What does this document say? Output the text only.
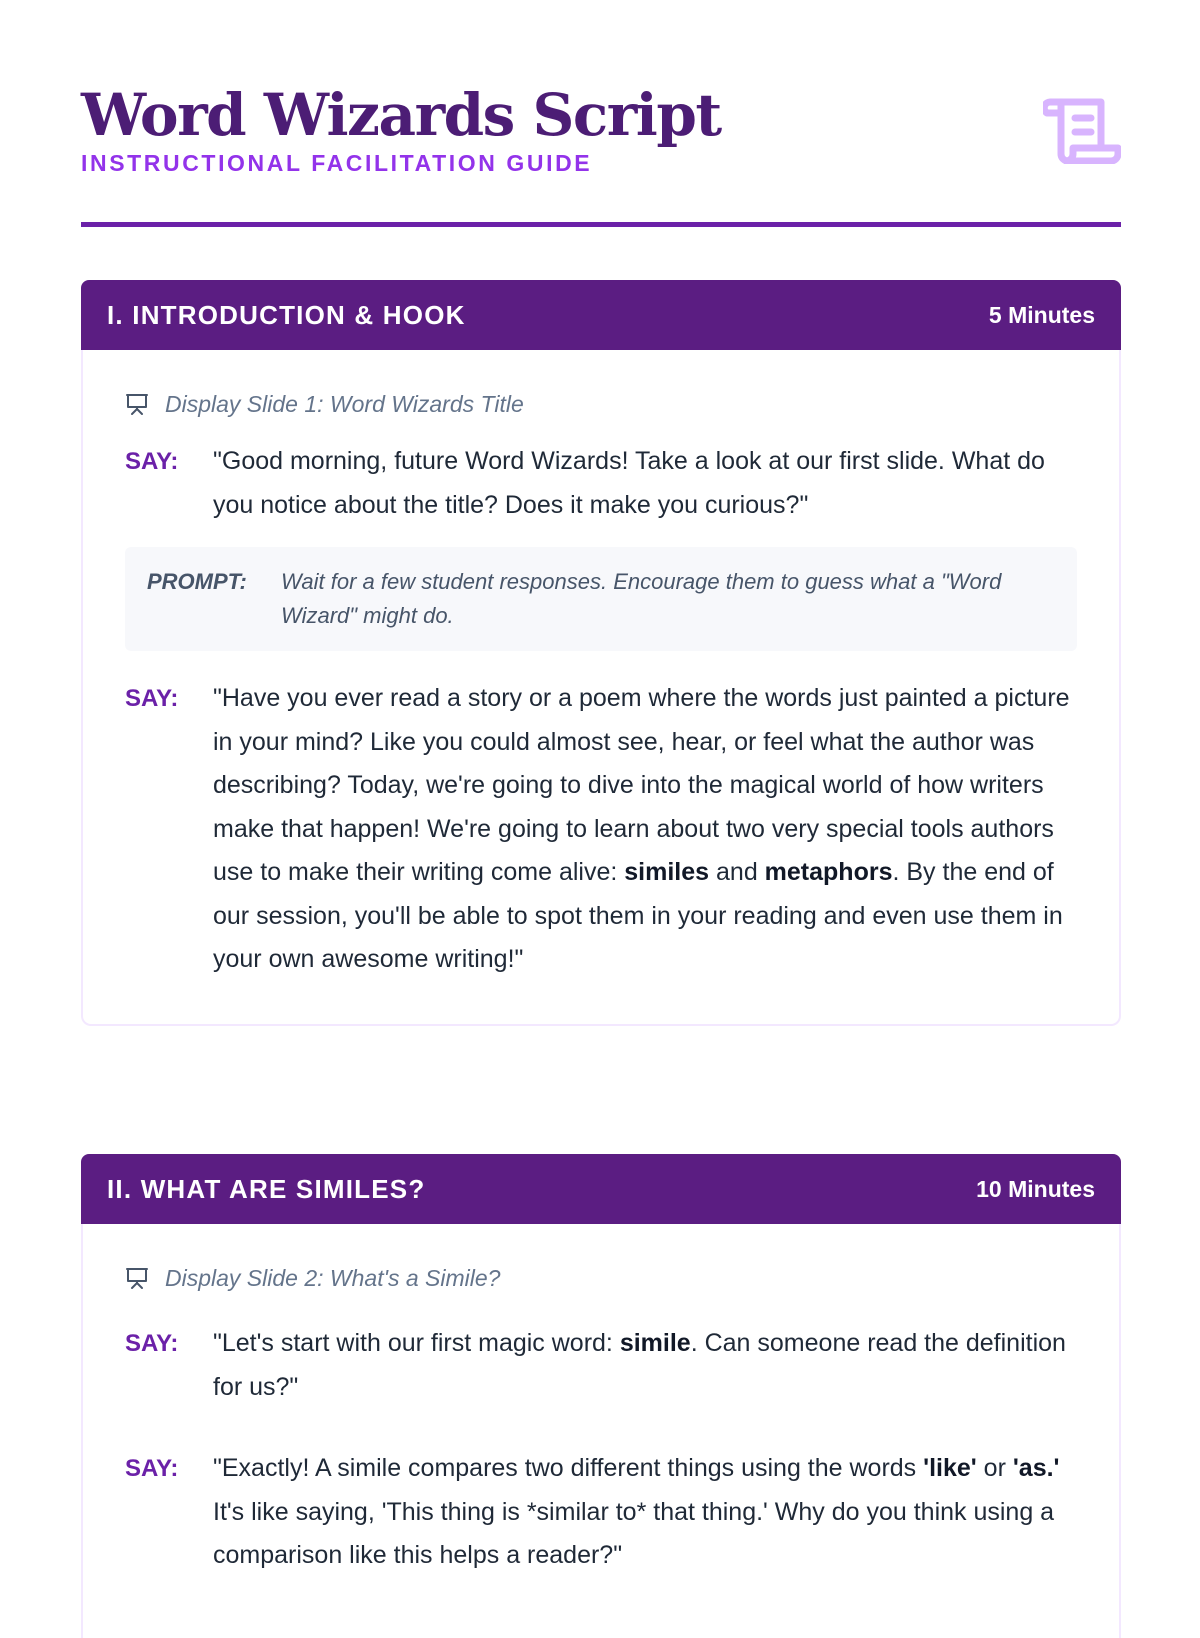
Word Wizards Script
INSTRUCTIONAL FACILITATION GUIDE
I. INTRODUCTION & HOOK	5 Minutes
Display Slide 1: Word Wizards Title
SAY:	"Good morning, future Word Wizards! Take a look at our first slide. What do you notice about the title? Does it make you curious?"
PROMPT:	Wait for a few student responses. Encourage them to guess what a "Word Wizard" might do.
SAY:	"Have you ever read a story or a poem where the words just painted a picture in your mind? Like you could almost see, hear, or feel what the author was describing? Today, we're going to dive into the magical world of how writers make that happen! We're going to learn about two very special tools authors use to make their writing come alive: similes and metaphors. By the end of our session, you'll be able to spot them in your reading and even use them in your own awesome writing!"
II. WHAT ARE SIMILES?	10 Minutes
Display Slide 2: What's a Simile?
SAY:	"Let's start with our first magic word: simile. Can someone read the definition for us?"
SAY:	"Exactly! A simile compares two different things using the words 'like' or 'as.' It's like saying, 'This thing is *similar to* that thing.' Why do you think using a comparison like this helps a reader?"
